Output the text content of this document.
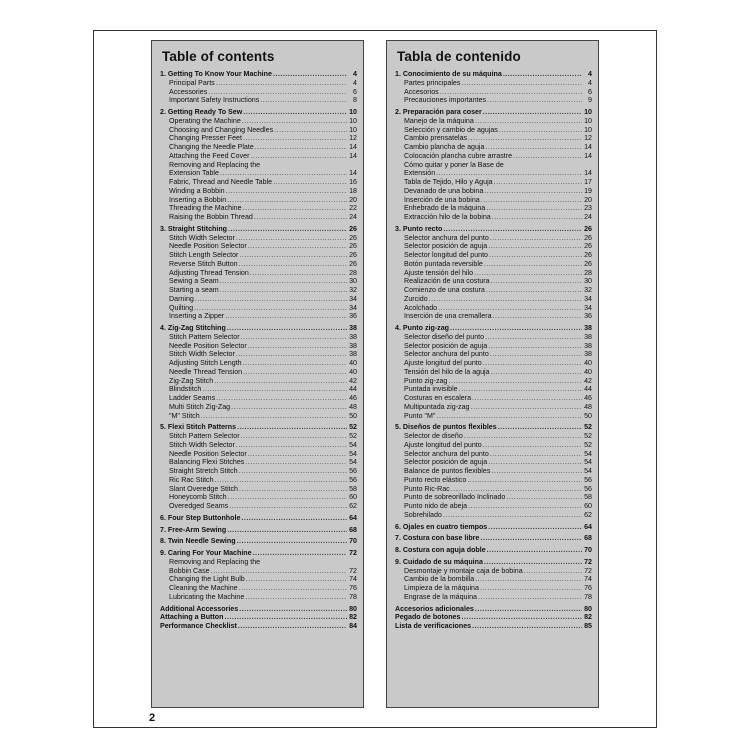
Table of contents
1. Getting To Know Your Machine .....	4
Principal Parts .....	4
Accessories .....	6
Important Safety Instructions .....	8
2. Getting Ready To Sew .....	10
Operating the Machine .....	10
Choosing and Changing Needles .....	10
Changing Presser Feet .....	12
Changing the Needle Plate .....	14
Attaching the Feed Cover .....	14
Removing and Replacing the
Extension Table .....	14
Fabric, Thread and Needle Table .....	16
Winding a Bobbin .....	18
Inserting a Bobbin .....	20
Threading the Machine .....	22
Raising the Bobbin Thread .....	24
3. Straight Stitching .....	26
Stitch Width Selector .....	26
Needle Position Selector .....	26
Stitch Length Selector .....	26
Reverse Stitch Button .....	26
Adjusting Thread Tension .....	28
Sewing a Seam .....	30
Starting a seam .....	32
Darning .....	34
Quilting .....	34
Inserting a Zipper .....	36
4. Zig-Zag Stitching .....	38
Stitch Pattern Selector .....	38
Needle Position Selector .....	38
Stitch Width Selector .....	38
Adjusting Stitch Length .....	40
Needle Thread Tension .....	40
Zig-Zag Stitch .....	42
Blindstitch .....	44
Ladder Seams .....	46
Multi Stitch Zig-Zag .....	48
"M" Stitch .....	50
5. Flexi Stitch Patterns .....	52
Stitch Pattern Selector .....	52
Stitch Width Selector .....	54
Needle Position Selector .....	54
Balancing Flexi Stitches .....	54
Straight Stretch Stitch .....	56
Ric Rac Stitch .....	56
Slant Overedge Stitch .....	58
Honeycomb Stitch .....	60
Overedged Seams .....	62
6. Four Step Buttonhole .....	64
7. Free-Arm Sewing .....	68
8. Twin Needle Sewing .....	70
9. Caring For Your Machine .....	72
Removing and Replacing the
Bobbin Case .....	72
Changing the Light Bulb .....	74
Cleaning the Machine .....	76
Lubricating the Machine .....	78
Additional Accessories .....	80
Attaching a Button .....	82
Performance Checklist .....	84
Tabla de contenido
1. Conocimiento de su máquina .....	4
Partes principales .....	4
Accesorios .....	6
Precauciones importantes .....	9
2. Preparación para coser .....	10
Manejo de la máquina .....	10
Selección y cambio de agujas .....	10
Cambio prensatelas .....	12
Cambio plancha de aguja .....	14
Colocación plancha cubre arrastre .....	14
Cómo quitar y poner la Base de
Extensión .....	14
Tabla de Tejido, Hilo y Aguja .....	17
Devanado de una bobina .....	19
Inserción de una bobina .....	20
Enhebrado de la máquina .....	23
Extracción hilo de la bobina .....	24
3. Punto recto .....	26
Selector anchura del punto .....	26
Selector posición de aguja .....	26
Selector longitud del punto .....	26
Botón puntada reversible .....	26
Ajuste tensión del hilo .....	28
Realización de una costura .....	30
Comienzo de una costura .....	32
Zurcido .....	34
Acolchado .....	34
Inserción de una cremallera .....	36
4. Punto zig-zag .....	38
Selector diseño del punto .....	38
Selector posición de aguja .....	38
Selector anchura del punto .....	38
Ajuste longitud del punto .....	40
Tensión del hilo de la aguja .....	40
Punto zig-zag .....	42
Puntada invisible .....	44
Costuras en escalera .....	46
Multipuntada zig-zag .....	48
Punto "M" .....	50
5. Diseños de puntos flexibles .....	52
Selector de diseño .....	52
Ajuste longitud del punto .....	52
Selector anchura del punto .....	54
Selector posición de aguja .....	54
Balance de puntos flexibles .....	54
Punto recto elástico .....	56
Punto Ric-Rac .....	56
Punto de sobreorillado Inclinado .....	58
Punto nido de abeja .....	60
Sobrehilado .....	62
6. Ojales en cuatro tiempos .....	64
7. Costura con base libre .....	68
8. Costura con aguja doble .....	70
9. Cuidado de su máquina .....	72
Desmontaje y montaje caja de bobina .....	72
Cambio de la bombilla .....	74
Limpieza de la máquina .....	76
Engrase de la máquina .....	78
Accesorios adicionales .....	80
Pegado de botones .....	82
Lista de verificaciones .....	85
2
